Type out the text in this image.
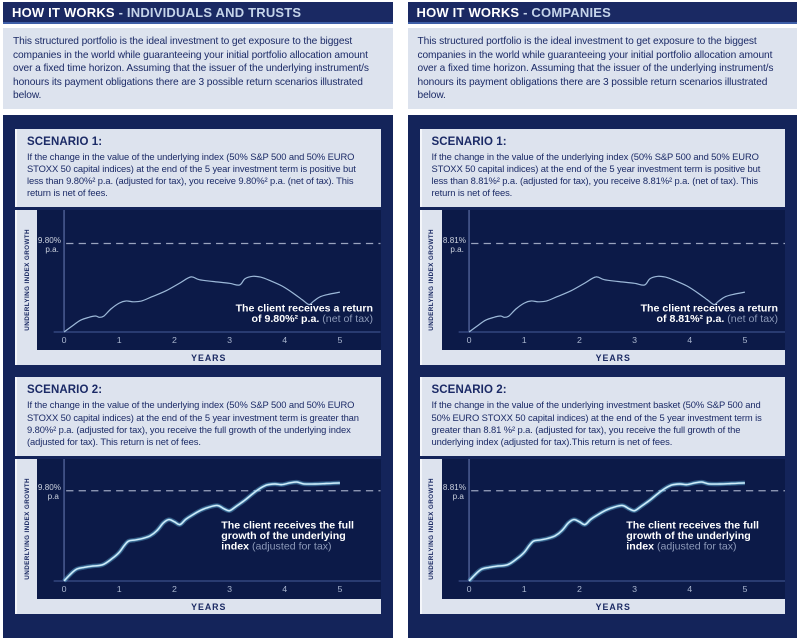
HOW IT WORKS - INDIVIDUALS AND TRUSTS
This structured portfolio is the ideal investment to get exposure to the biggest companies in the world while guaranteeing your initial portfolio allocation amount over a fixed time horizon. Assuming that the issuer of the underlying instrument/s honours its payment obligations there are 3 possible return scenarios illustrated below.
SCENARIO 1:
If the change in the value of the underlying index (50% S&P 500 and 50% EURO STOXX 50 capital indices) at the end of the 5 year investment term is positive but less than 9.80%² p.a. (adjusted for tax), you receive 9.80%² p.a. (net of tax). This return is net of fees.
UNDERLYING INDEX GROWTH 9.80%
p.a.
0	1	2	3	4	5
The client receives a return
of 9.80%² p.a. (net of tax)
YEARS
SCENARIO 2:
If the change in the value of the underlying index (50% S&P 500 and 50% EURO STOXX 50 capital indices) at the end of the 5 year investment term is greater than 9.80%² p.a. (adjusted for tax), you receive the full growth of the underlying index (adjusted for tax). This return is net of fees.
UNDERLYING INDEX GROWTH 9.80%
p.a
0	1	2	3	4	5
The client receives the full
growth of the underlying
index (adjusted for tax)
YEARS
HOW IT WORKS - COMPANIES
This structured portfolio is the ideal investment to get exposure to the biggest companies in the world while guaranteeing your initial portfolio allocation amount over a fixed time horizon. Assuming that the issuer of the underlying instrument/s honours its payment obligations there are 3 possible return scenarios illustrated below.
SCENARIO 1:
If the change in the value of the underlying index (50% S&P 500 and 50% EURO STOXX 50 capital indices) at the end of the 5 year investment term is positive but less than 8.81%² p.a. (adjusted for tax), you receive 8.81%² p.a. (net of tax). This return is net of fees.
UNDERLYING INDEX GROWTH 8.81%
p.a.
0	1	2	3	4	5
The client receives a return
of 8.81%² p.a. (net of tax)
YEARS
SCENARIO 2:
If the change in the value of the underlying investment basket (50% S&P 500 and 50% EURO STOXX 50 capital indices) at the end of the 5 year investment term is greater than 8.81 %² p.a. (adjusted for tax), you receive the full growth of the underlying index (adjusted for tax).This return is net of fees.
UNDERLYING INDEX GROWTH 8.81%
p.a
0	1	2	3	4	5
The client receives the full
growth of the underlying
index (adjusted for tax)
YEARS
